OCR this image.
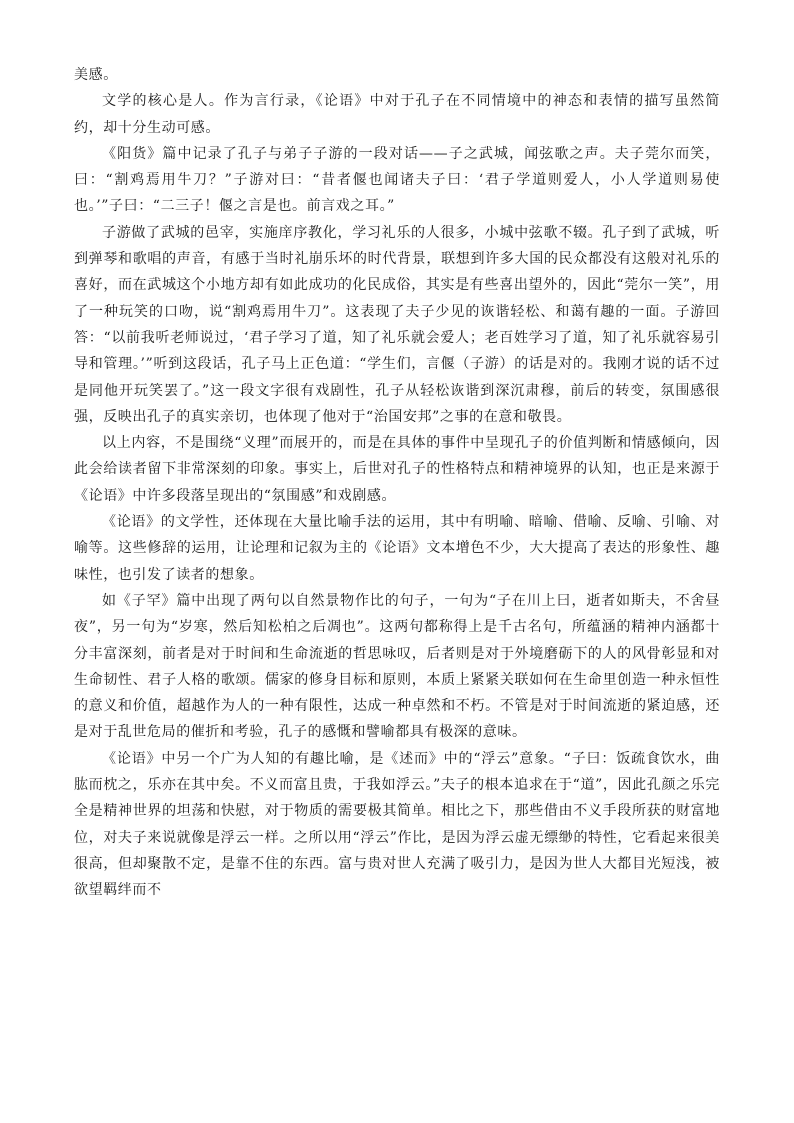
美感。

文学的核心是人。作为言行录，《论语》中对于孔子在不同情境中的神态和表情的描写虽然简约，却十分生动可感。

《阳货》篇中记录了孔子与弟子子游的一段对话——子之武城，闻弦歌之声。夫子莞尔而笑，曰：“割鸡焉用牛刀？”子游对曰：“昔者偃也闻诸夫子曰：‘君子学道则爱人，小人学道则易使也。’”子曰：“二三子！偃之言是也。前言戏之耳。”

子游做了武城的邑宰，实施庠序教化，学习礼乐的人很多，小城中弦歌不辍。孔子到了武城，听到弹琴和歌唱的声音，有感于当时礼崩乐坏的时代背景，联想到许多大国的民众都没有这般对礼乐的喜好，而在武城这个小地方却有如此成功的化民成俗，其实是有些喜出望外的，因此“莞尔一笑”，用了一种玩笑的口吻，说“割鸡焉用牛刀”。这表现了夫子少见的诙谐轻松、和蔼有趣的一面。子游回答：“以前我听老师说过，‘君子学习了道，知了礼乐就会爱人；老百姓学习了道，知了礼乐就容易引导和管理。’”听到这段话，孔子马上正色道：“学生们，言偃（子游）的话是对的。我刚才说的话不过是同他开玩笑罢了。”这一段文字很有戏剧性，孔子从轻松诙谐到深沉肃穆，前后的转变，氛围感很强，反映出孔子的真实亲切，也体现了他对于“治国安邦”之事的在意和敬畏。

以上内容，不是围绕“义理”而展开的，而是在具体的事件中呈现孔子的价值判断和情感倾向，因此会给读者留下非常深刻的印象。事实上，后世对孔子的性格特点和精神境界的认知，也正是来源于《论语》中许多段落呈现出的“氛围感”和戏剧感。

《论语》的文学性，还体现在大量比喻手法的运用，其中有明喻、暗喻、借喻、反喻、引喻、对喻等。这些修辞的运用，让论理和记叙为主的《论语》文本增色不少，大大提高了表达的形象性、趣味性，也引发了读者的想象。

如《子罕》篇中出现了两句以自然景物作比的句子，一句为“子在川上曰，逝者如斯夫，不舍昼夜”，另一句为“岁寒，然后知松柏之后凋也”。这两句都称得上是千古名句，所蕴涵的精神内涵都十分丰富深刻，前者是对于时间和生命流逝的哲思咏叹，后者则是对于外境磨砺下的人的风骨彰显和对生命韧性、君子人格的歌颂。儒家的修身目标和原则，本质上紧紧关联如何在生命里创造一种永恒性的意义和价值，超越作为人的一种有限性，达成一种卓然和不朽。不管是对于时间流逝的紧迫感，还是对于乱世危局的催折和考验，孔子的感慨和譬喻都具有极深的意味。

《论语》中另一个广为人知的有趣比喻，是《述而》中的“浮云”意象。“子曰：饭疏食饮水，曲肱而枕之，乐亦在其中矣。不义而富且贵，于我如浮云。”夫子的根本追求在于“道”，因此孔颜之乐完全是精神世界的坦荡和快慰，对于物质的需要极其简单。相比之下，那些借由不义手段所获的财富地位，对夫子来说就像是浮云一样。之所以用“浮云”作比，是因为浮云虚无缥缈的特性，它看起来很美很高，但却聚散不定，是靠不住的东西。富与贵对世人充满了吸引力，是因为世人大都目光短浅，被欲望羁绊而不
